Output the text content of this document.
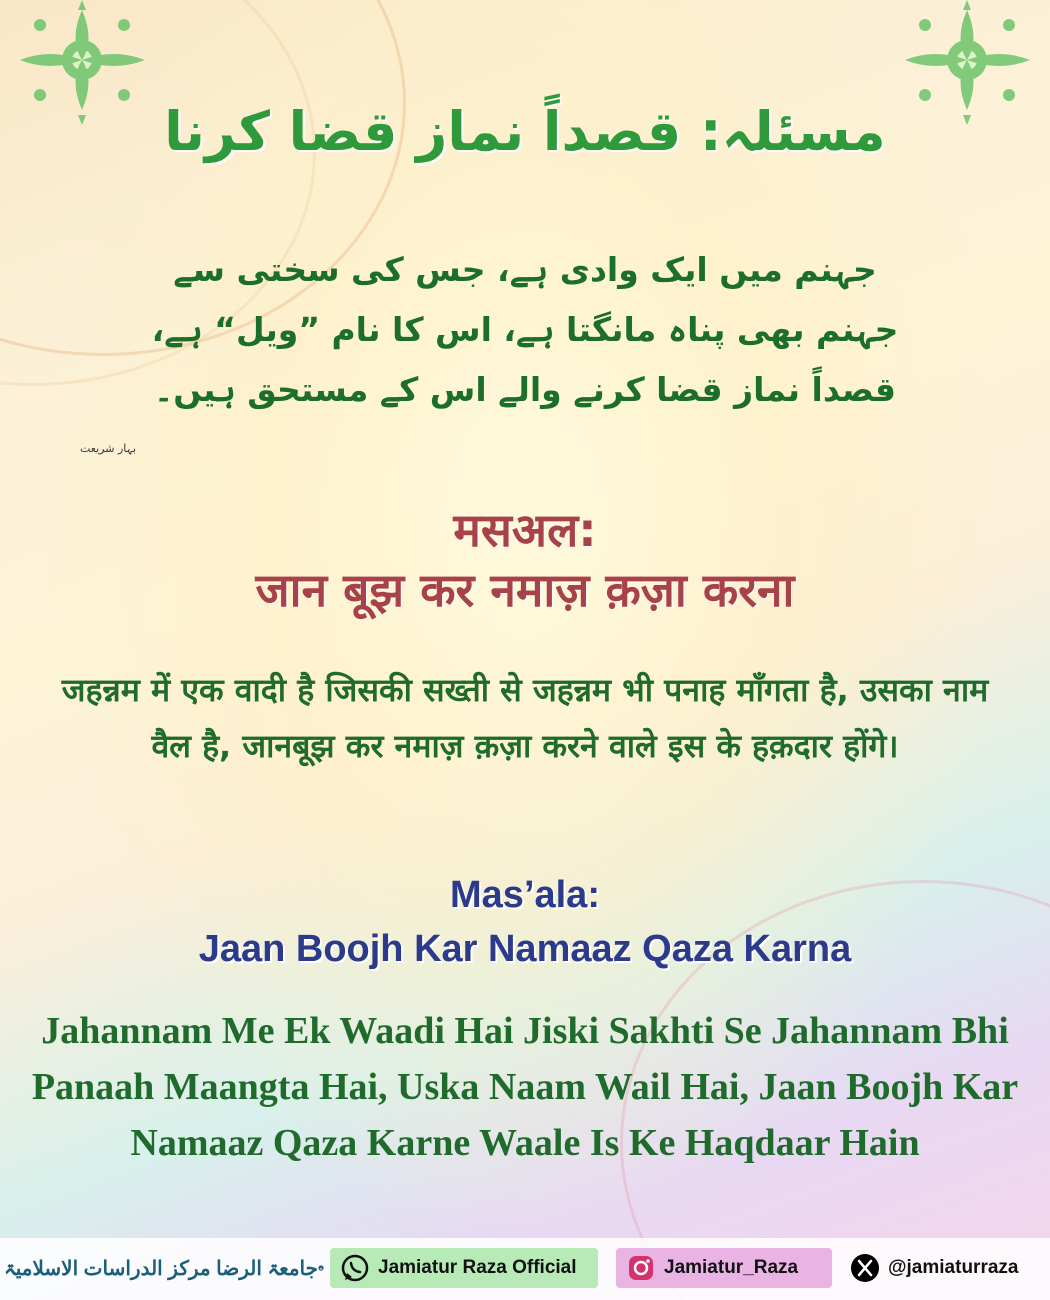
مسئلہ: قصداً نماز قضا کرنا
جہنم میں ایک وادی ہے، جس کی سختی سے جہنم بھی پناہ مانگتا ہے، اس کا نام ”ویل“ ہے، قصداً نماز قضا کرنے والے اس کے مستحق ہیں۔
بہار شریعت
मसअल:
जान बूझ कर नमाज़ क़ज़ा करना
जहन्नम में एक वादी है जिसकी सख्ती से जहन्नम भी पनाह माँगता है, उसका नाम वैल है, जानबूझ कर नमाज़ क़ज़ा करने वाले इस के हक़दार होंगे।
Mas’ala:
Jaan Boojh Kar Namaaz Qaza Karna
Jahannam Me Ek Waadi Hai Jiski Sakhti Se Jahannam Bhi Panaah Maangta Hai, Uska Naam Wail Hai, Jaan Boojh Kar Namaaz Qaza Karne Waale Is Ke Haqdaar Hain
جامعۃ الرضا مرکز الدراسات الاسلامیۃ	Jamiatur Raza Official	Jamiatur_Raza	@jamiaturraza
